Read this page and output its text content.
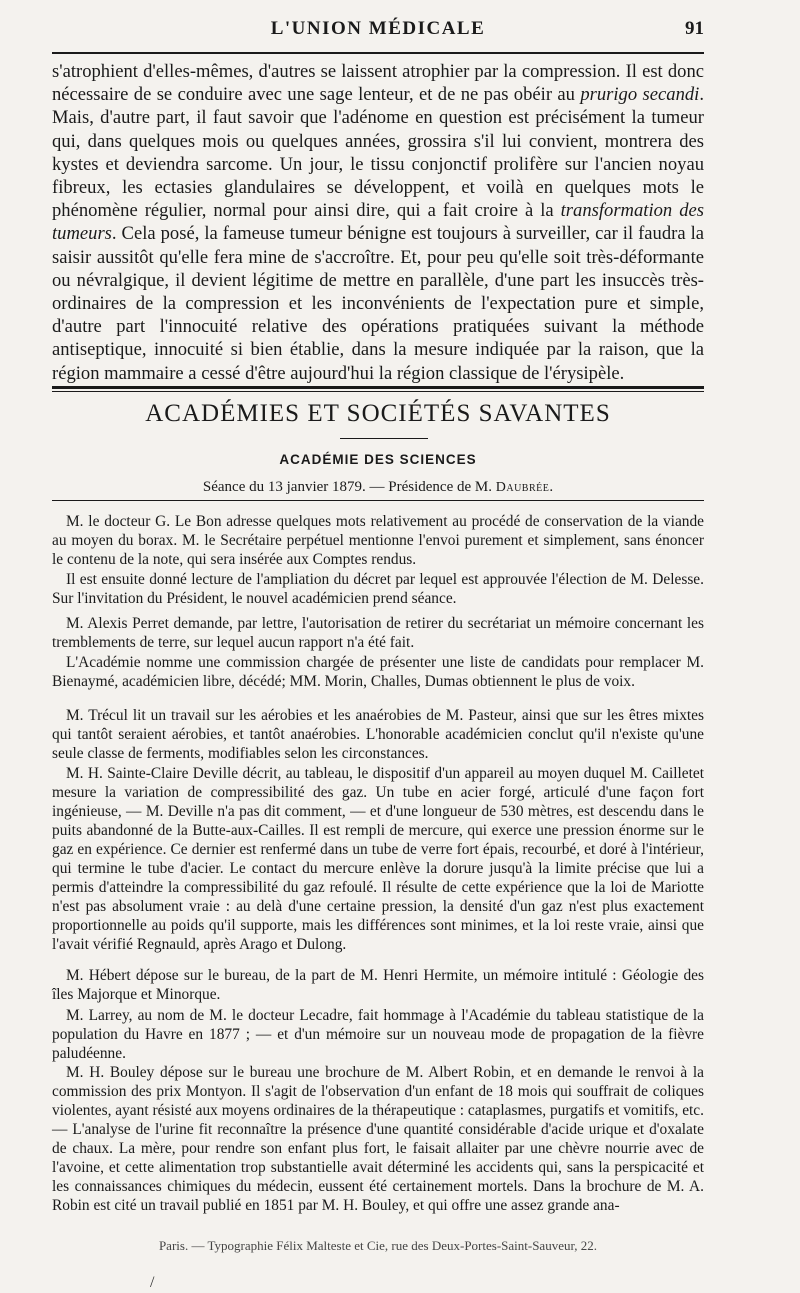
L'UNION MÉDICALE	91

s'atrophient d'elles-mêmes, d'autres se laissent atrophier par la compression. Il est donc nécessaire de se conduire avec une sage lenteur, et de ne pas obéir au prurigo secandi. Mais, d'autre part, il faut savoir que l'adénome en question est précisément la tumeur qui, dans quelques mois ou quelques années, grossira s'il lui convient, montrera des kystes et deviendra sarcome. Un jour, le tissu conjonctif prolifère sur l'ancien noyau fibreux, les ectasies glandulaires se développent, et voilà en quelques mots le phénomène régulier, normal pour ainsi dire, qui a fait croire à la transformation des tumeurs. Cela posé, la fameuse tumeur bénigne est toujours à surveiller, car il faudra la saisir aussitôt qu'elle fera mine de s'accroître. Et, pour peu qu'elle soit très-déformante ou névralgique, il devient légitime de mettre en parallèle, d'une part les insuccès très-ordinaires de la compression et les inconvénients de l'expectation pure et simple, d'autre part l'innocuité relative des opérations pratiquées suivant la méthode antiseptique, innocuité si bien établie, dans la mesure indiquée par la raison, que la région mammaire a cessé d'être aujourd'hui la région classique de l'érysipèle.

ACADÉMIES ET SOCIÉTÉS SAVANTES
ACADÉMIE DES SCIENCES
Séance du 13 janvier 1879. — Présidence de M. Daubrée.

M. le docteur G. Le Bon adresse quelques mots relativement au procédé de conservation de la viande au moyen du borax. M. le Secrétaire perpétuel mentionne l'envoi purement et simplement, sans énoncer le contenu de la note, qui sera insérée aux Comptes rendus.

Il est ensuite donné lecture de l'ampliation du décret par lequel est approuvée l'élection de M. Delesse. Sur l'invitation du Président, le nouvel académicien prend séance.

M. Alexis Perret demande, par lettre, l'autorisation de retirer du secrétariat un mémoire concernant les tremblements de terre, sur lequel aucun rapport n'a été fait.

L'Académie nomme une commission chargée de présenter une liste de candidats pour remplacer M. Bienaymé, académicien libre, décédé; MM. Morin, Challes, Dumas obtiennent le plus de voix.

M. Trécul lit un travail sur les aérobies et les anaérobies de M. Pasteur, ainsi que sur les êtres mixtes qui tantôt seraient aérobies, et tantôt anaérobies. L'honorable académicien conclut qu'il n'existe qu'une seule classe de ferments, modifiables selon les circonstances.

M. H. Sainte-Claire Deville décrit, au tableau, le dispositif d'un appareil au moyen duquel M. Cailletet mesure la variation de compressibilité des gaz. Un tube en acier forgé, articulé d'une façon fort ingénieuse, — M. Deville n'a pas dit comment, — et d'une longueur de 530 mètres, est descendu dans le puits abandonné de la Butte-aux-Cailles. Il est rempli de mercure, qui exerce une pression énorme sur le gaz en expérience. Ce dernier est renfermé dans un tube de verre fort épais, recourbé, et doré à l'intérieur, qui termine le tube d'acier. Le contact du mercure enlève la dorure jusqu'à la limite précise que lui a permis d'atteindre la compressibilité du gaz refoulé. Il résulte de cette expérience que la loi de Mariotte n'est pas absolument vraie : au delà d'une certaine pression, la densité d'un gaz n'est plus exactement proportionnelle au poids qu'il supporte, mais les différences sont minimes, et la loi reste vraie, ainsi que l'avait vérifié Regnauld, après Arago et Dulong.

M. Hébert dépose sur le bureau, de la part de M. Henri Hermite, un mémoire intitulé : Géologie des îles Majorque et Minorque.

M. Larrey, au nom de M. le docteur Lecadre, fait hommage à l'Académie du tableau statistique de la population du Havre en 1877 ; — et d'un mémoire sur un nouveau mode de propagation de la fièvre paludéenne.

M. H. Bouley dépose sur le bureau une brochure de M. Albert Robin, et en demande le renvoi à la commission des prix Montyon. Il s'agit de l'observation d'un enfant de 18 mois qui souffrait de coliques violentes, ayant résisté aux moyens ordinaires de la thérapeutique : cataplasmes, purgatifs et vomitifs, etc. — L'analyse de l'urine fit reconnaître la présence d'une quantité considérable d'acide urique et d'oxalate de chaux. La mère, pour rendre son enfant plus fort, le faisait allaiter par une chèvre nourrie avec de l'avoine, et cette alimentation trop substantielle avait déterminé les accidents qui, sans la perspicacité et les connaissances chimiques du médecin, eussent été certainement mortels. Dans la brochure de M. A. Robin est cité un travail publié en 1851 par M. H. Bouley, et qui offre une assez grande ana-

Paris. — Typographie Félix Malteste et Cie, rue des Deux-Portes-Saint-Sauveur, 22.
/
